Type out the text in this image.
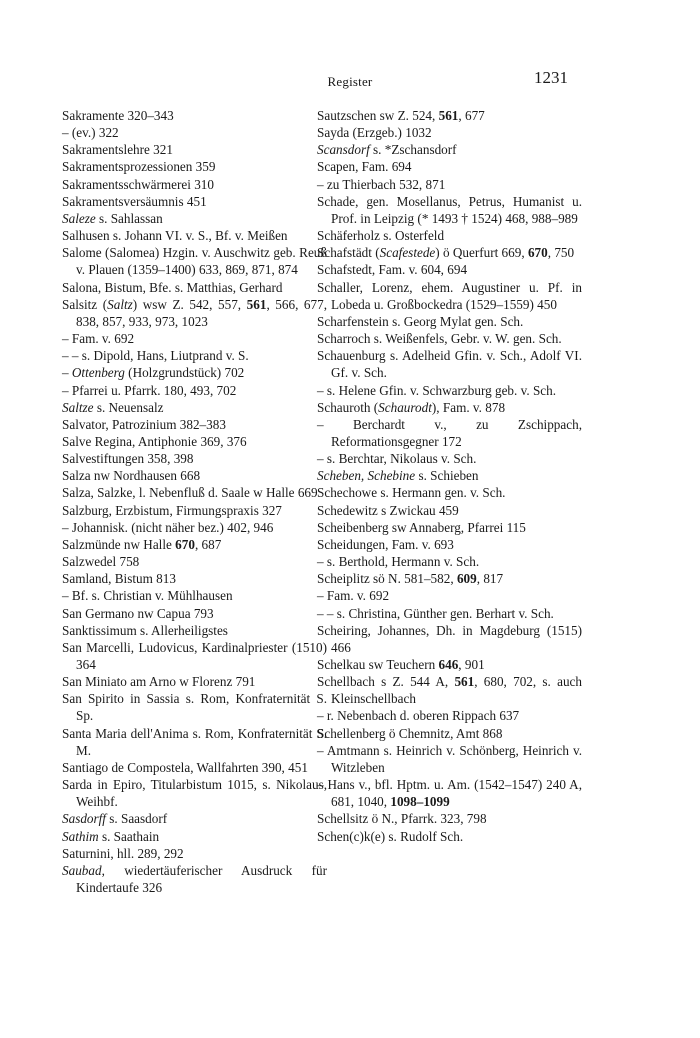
Register	1231
Sakramente 320–343
– (ev.) 322
Sakramentslehre 321
Sakramentsprozessionen 359
Sakramentsschwärmerei 310
Sakramentsversäumnis 451
Saleze s. Sahlassan
Salhusen s. Johann VI. v. S., Bf. v. Meißen
Salome (Salomea) Hzgin. v. Auschwitz geb. Reuß v. Plauen (1359–1400) 633, 869, 871, 874
Salona, Bistum, Bfe. s. Matthias, Gerhard
Salsitz (Saltz) wsw Z. 542, 557, 561, 566, 677, 838, 857, 933, 973, 1023
– Fam. v. 692
– – s. Dipold, Hans, Liutprand v. S.
– Ottenberg (Holzgrundstück) 702
– Pfarrei u. Pfarrk. 180, 493, 702
Saltze s. Neuensalz
Salvator, Patrozinium 382–383
Salve Regina, Antiphonie 369, 376
Salvestiftungen 358, 398
Salza nw Nordhausen 668
Salza, Salzke, l. Nebenfluß d. Saale w Halle 669
Salzburg, Erzbistum, Firmungspraxis 327
– Johannisk. (nicht näher bez.) 402, 946
Salzmünde nw Halle 670, 687
Salzwedel 758
Samland, Bistum 813
– Bf. s. Christian v. Mühlhausen
San Germano nw Capua 793
Sanktissimum s. Allerheiligstes
San Marcelli, Ludovicus, Kardinalpriester (1510) 364
San Miniato am Arno w Florenz 791
San Spirito in Sassia s. Rom, Konfraternität S. Sp.
Santa Maria dell'Anima s. Rom, Konfraternität S. M.
Santiago de Compostela, Wallfahrten 390, 451
Sarda in Epiro, Titularbistum 1015, s. Nikolaus, Weihbf.
Sasdorff s. Saasdorf
Sathim s. Saathain
Saturnini, hll. 289, 292
Saubad, wiedertäuferischer Ausdruck für Kindertaufe 326
Sautzschen sw Z. 524, 561, 677
Sayda (Erzgeb.) 1032
Scansdorf s. *Zschansdorf
Scapen, Fam. 694
– zu Thierbach 532, 871
Schade, gen. Mosellanus, Petrus, Humanist u. Prof. in Leipzig (* 1493 † 1524) 468, 988–989
Schäferholz s. Osterfeld
Schafstädt (Scafestede) ö Querfurt 669, 670, 750
Schafstedt, Fam. v. 604, 694
Schaller, Lorenz, ehem. Augustiner u. Pf. in Lobeda u. Großbockedra (1529–1559) 450
Scharfenstein s. Georg Mylat gen. Sch.
Scharroch s. Weißenfels, Gebr. v. W. gen. Sch.
Schauenburg s. Adelheid Gfin. v. Sch., Adolf VI. Gf. v. Sch.
– s. Helene Gfin. v. Schwarzburg geb. v. Sch.
Schauroth (Schaurodt), Fam. v. 878
– Berchardt v., zu Zschippach, Reformationsgegner 172
– s. Berchtar, Nikolaus v. Sch.
Scheben, Schebine s. Schieben
Schechowe s. Hermann gen. v. Sch.
Schedewitz s Zwickau 459
Scheibenberg sw Annaberg, Pfarrei 115
Scheidungen, Fam. v. 693
– s. Berthold, Hermann v. Sch.
Scheiplitz sö N. 581–582, 609, 817
– Fam. v. 692
– – s. Christina, Günther gen. Berhart v. Sch.
Scheiring, Johannes, Dh. in Magdeburg (1515) 466
Schelkau sw Teuchern 646, 901
Schellbach s Z. 544 A, 561, 680, 702, s. auch Kleinschellbach
– r. Nebenbach d. oberen Rippach 637
Schellenberg ö Chemnitz, Amt 868
– Amtmann s. Heinrich v. Schönberg, Heinrich v. Witzleben
– Hans v., bfl. Hptm. u. Am. (1542–1547) 240 A, 681, 1040, 1098–1099
Schellsitz ö N., Pfarrk. 323, 798
Schen(c)k(e) s. Rudolf Sch.
